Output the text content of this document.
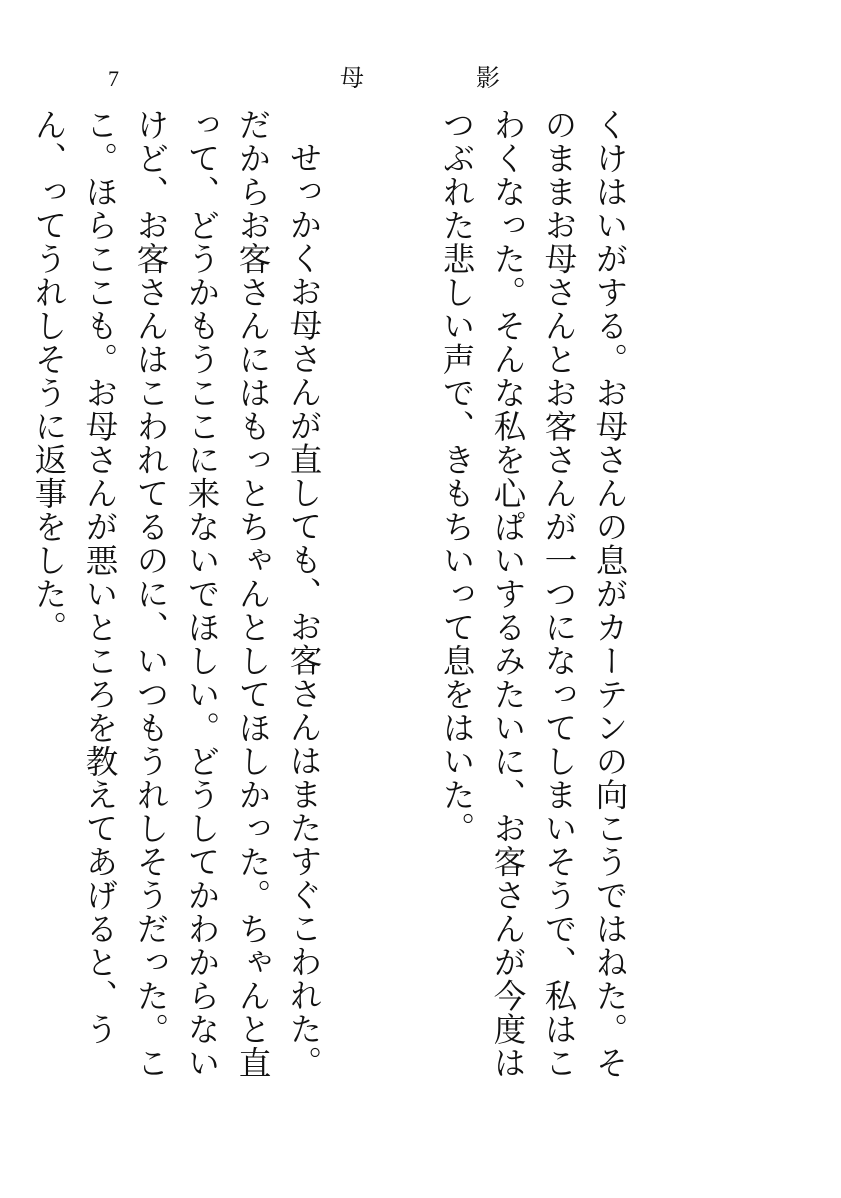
7	母	影

くけはいがする。お母さんの息がカーテンの向こうではねた。そのままお母さんとお客さんが一つになってしまいそうで、私はこわくなった。そんな私を心ぱいするみたいに、お客さんが今度はつぶれた悲しい声で、きもちいって息をはいた。

せっかくお母さんが直しても、お客さんはまたすぐこわれた。だからお客さんにはもっとちゃんとしてほしかった。ちゃんと直って、どうかもうここに来ないでほしい。どうしてかわからないけど、お客さんはこわれてるのに、いつもうれしそうだった。ここ。ほらここも。お母さんが悪いところを教えてあげると、うん、ってうれしそうに返事をした。
